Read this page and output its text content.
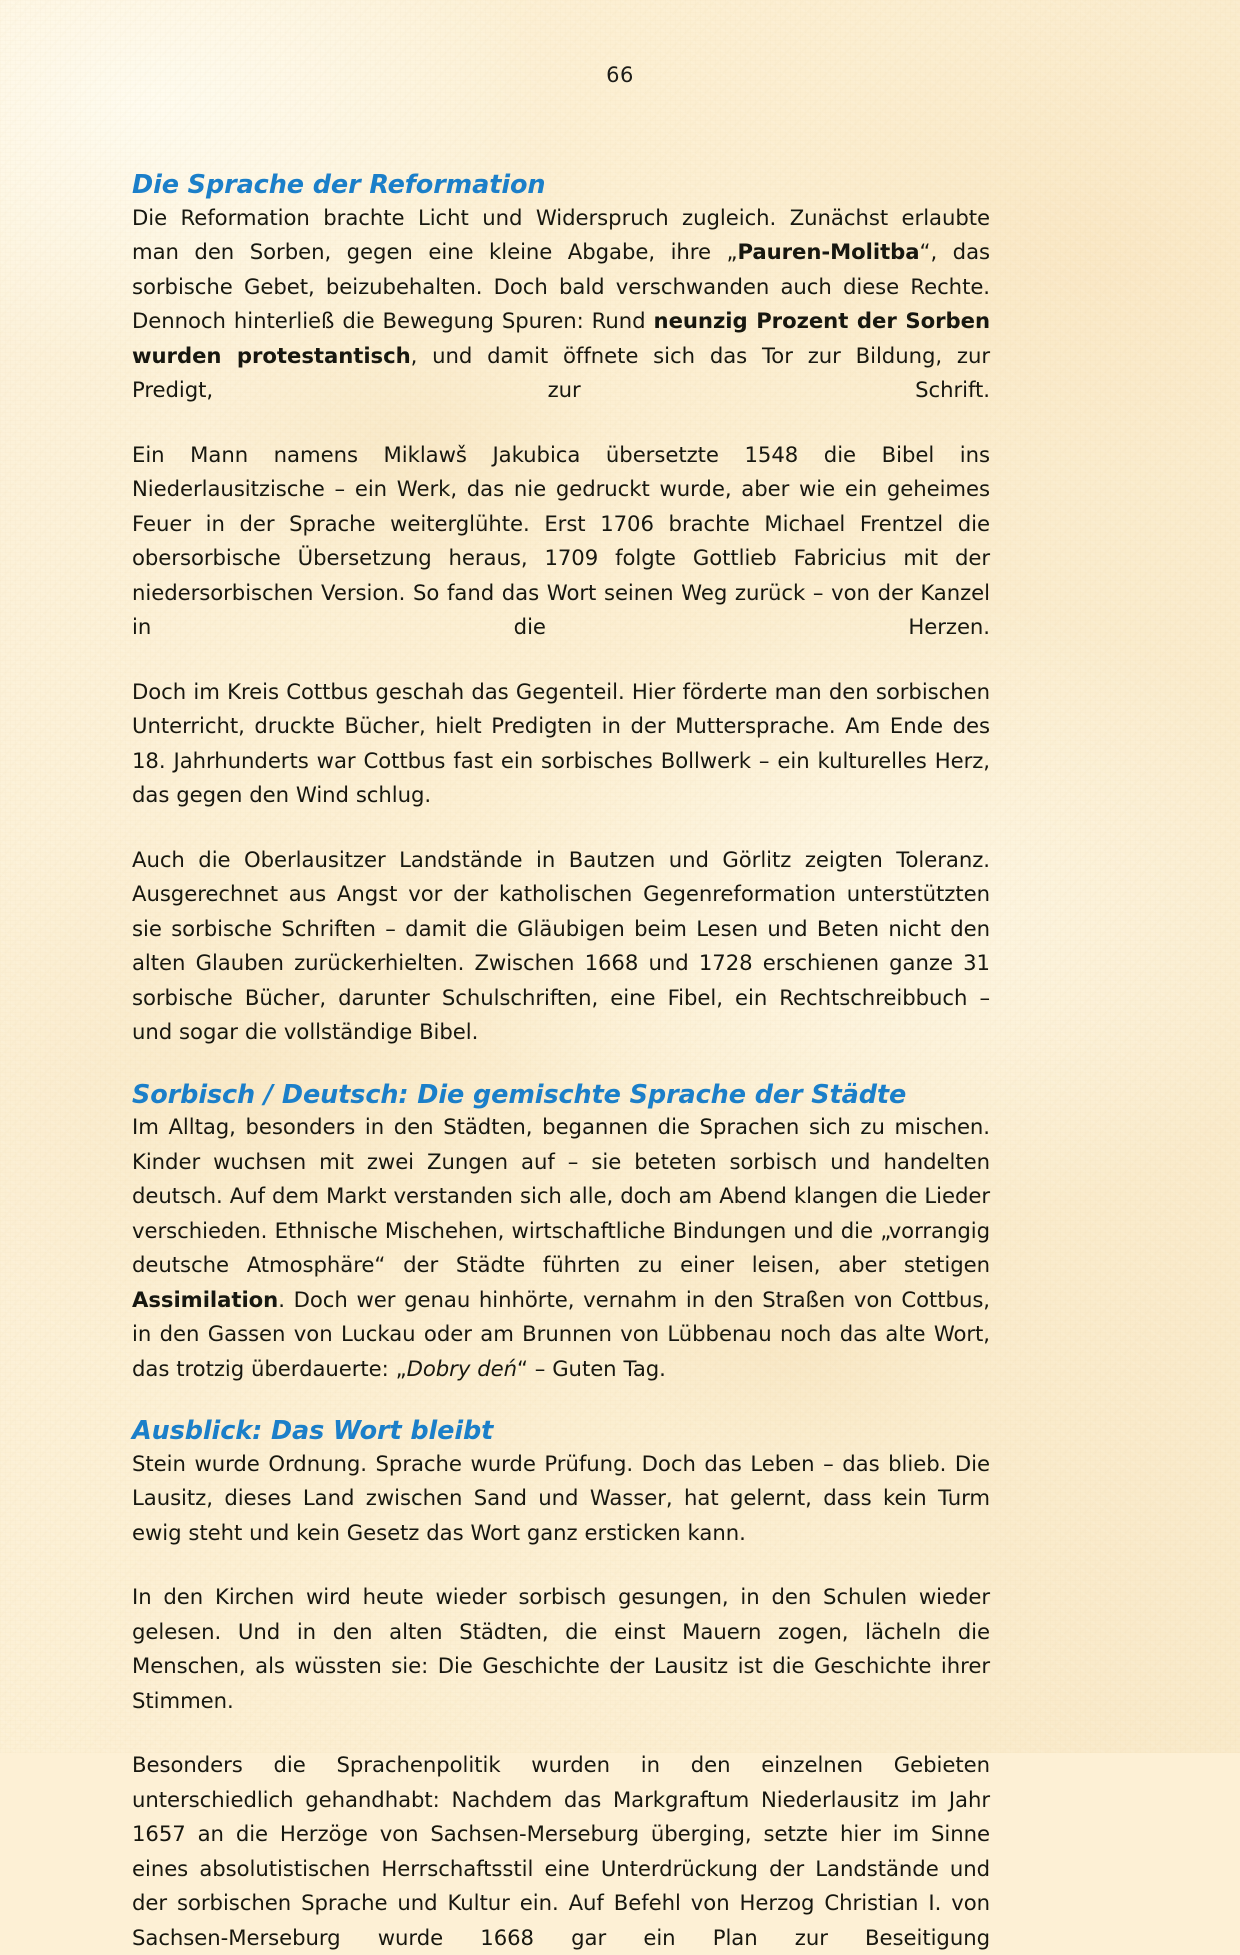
66
Die Sprache der Reformation

Die Reformation brachte Licht und Widerspruch zugleich. Zunächst erlaubte man den Sorben, gegen eine kleine Abgabe, ihre „Pauren-Molitba“, das sorbische Gebet, beizubehalten. Doch bald verschwanden auch diese Rechte. Dennoch hinterließ die Bewegung Spuren: Rund neunzig Prozent der Sorben wurden protestantisch, und damit öffnete sich das Tor zur Bildung, zur Predigt, zur Schrift.

Ein Mann namens Miklawš Jakubica übersetzte 1548 die Bibel ins Niederlausitzische – ein Werk, das nie gedruckt wurde, aber wie ein geheimes Feuer in der Sprache weiterglühte. Erst 1706 brachte Michael Frentzel die obersorbische Übersetzung heraus, 1709 folgte Gottlieb Fabricius mit der niedersorbischen Version. So fand das Wort seinen Weg zurück – von der Kanzel in die Herzen.

Doch im Kreis Cottbus geschah das Gegenteil. Hier förderte man den sorbischen Unterricht, druckte Bücher, hielt Predigten in der Muttersprache. Am Ende des 18. Jahrhunderts war Cottbus fast ein sorbisches Bollwerk – ein kulturelles Herz, das gegen den Wind schlug.

Auch die Oberlausitzer Landstände in Bautzen und Görlitz zeigten Toleranz. Ausgerechnet aus Angst vor der katholischen Gegenreformation unterstützten sie sorbische Schriften – damit die Gläubigen beim Lesen und Beten nicht den alten Glauben zurückerhielten. Zwischen 1668 und 1728 erschienen ganze 31 sorbische Bücher, darunter Schulschriften, eine Fibel, ein Rechtschreibbuch – und sogar die vollständige Bibel.

Sorbisch / Deutsch: Die gemischte Sprache der Städte

Im Alltag, besonders in den Städten, begannen die Sprachen sich zu mischen. Kinder wuchsen mit zwei Zungen auf – sie beteten sorbisch und handelten deutsch. Auf dem Markt verstanden sich alle, doch am Abend klangen die Lieder verschieden. Ethnische Mischehen, wirtschaftliche Bindungen und die „vorrangig deutsche Atmosphäre“ der Städte führten zu einer leisen, aber stetigen Assimilation. Doch wer genau hinhörte, vernahm in den Straßen von Cottbus, in den Gassen von Luckau oder am Brunnen von Lübbenau noch das alte Wort, das trotzig überdauerte: „Dobry deń“ – Guten Tag.

Ausblick: Das Wort bleibt

Stein wurde Ordnung. Sprache wurde Prüfung. Doch das Leben – das blieb. Die Lausitz, dieses Land zwischen Sand und Wasser, hat gelernt, dass kein Turm ewig steht und kein Gesetz das Wort ganz ersticken kann.

In den Kirchen wird heute wieder sorbisch gesungen, in den Schulen wieder gelesen. Und in den alten Städten, die einst Mauern zogen, lächeln die Menschen, als wüssten sie: Die Geschichte der Lausitz ist die Geschichte ihrer Stimmen.

Besonders die Sprachenpolitik wurden in den einzelnen Gebieten unterschiedlich gehandhabt: Nachdem das Markgraftum Niederlausitz im Jahr 1657 an die Herzöge von Sachsen-Merseburg überging, setzte hier im Sinne eines absolutistischen Herrschaftsstil eine Unterdrückung der Landstände und der sorbischen Sprache und Kultur ein. Auf Befehl von Herzog Christian I. von Sachsen-Merseburg wurde 1668 gar ein Plan zur Beseitigung
